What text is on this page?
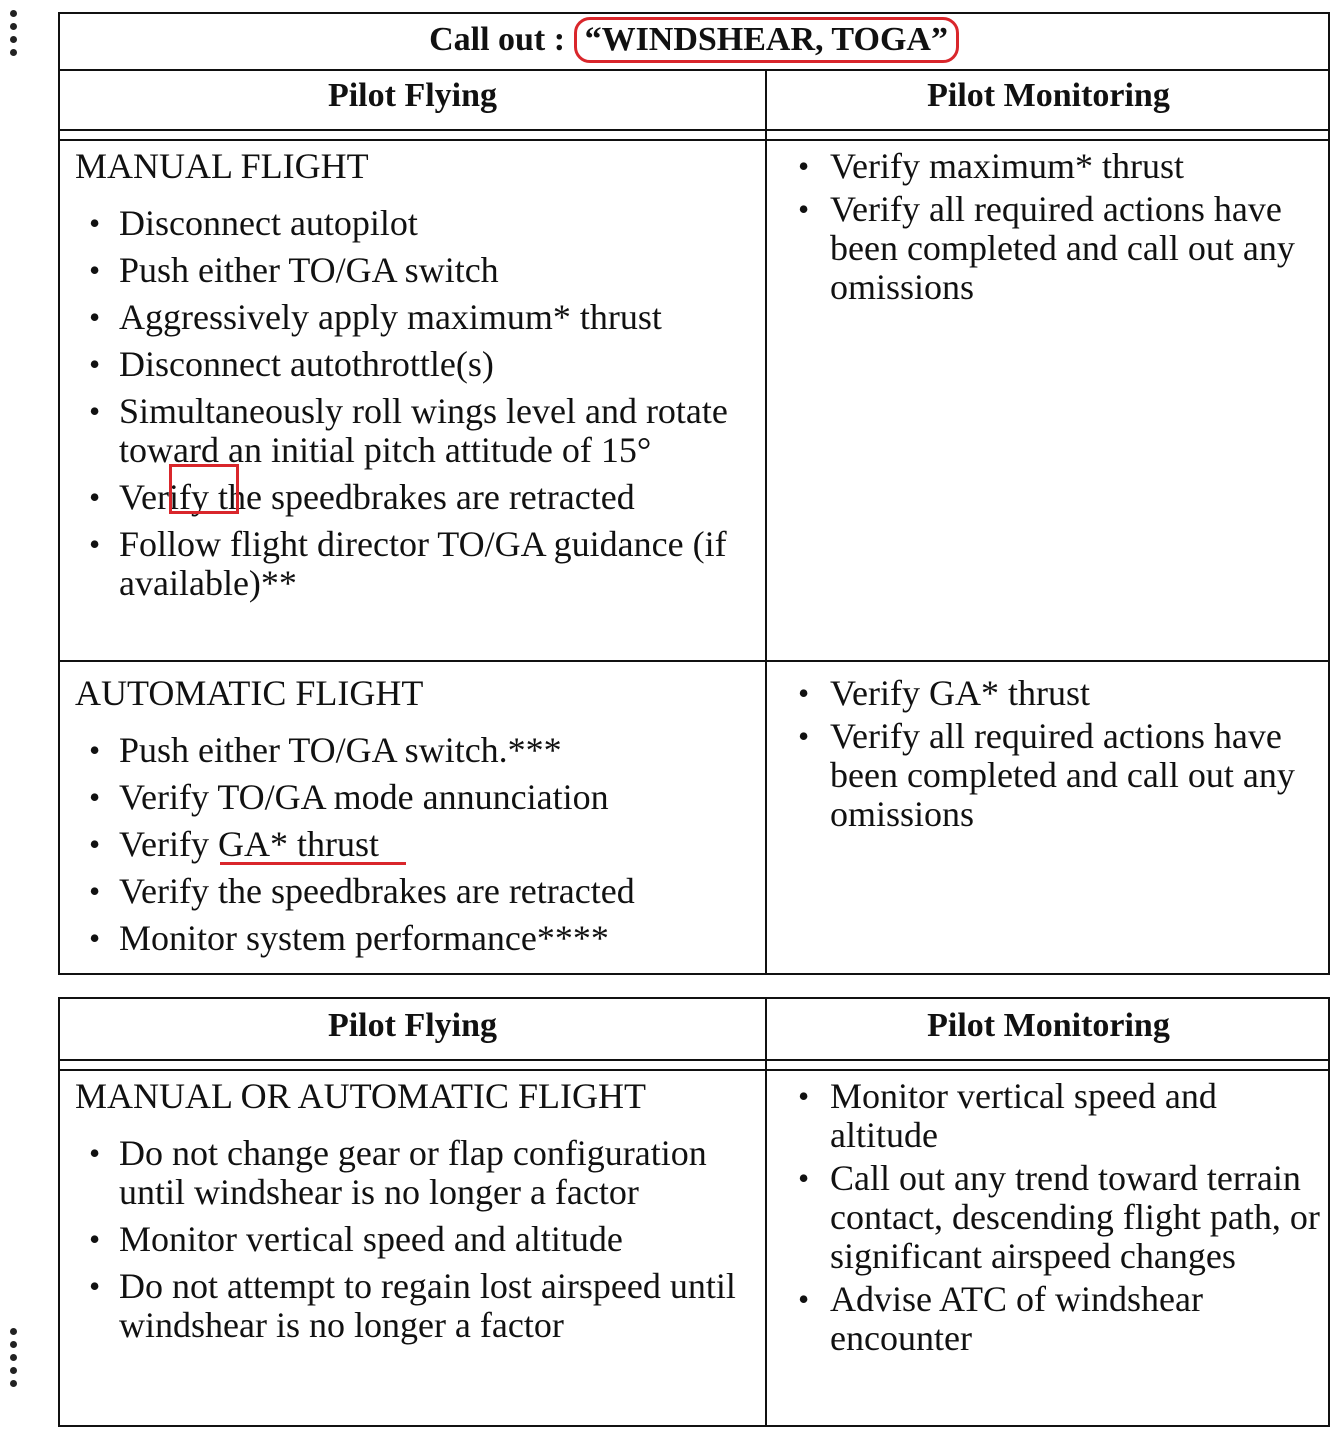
Call out : “WINDSHEAR, TOGA”
Pilot Flying	Pilot Monitoring
MANUAL FLIGHT
• Disconnect autopilot
• Push either TO/GA switch
• Aggressively apply maximum* thrust
• Disconnect autothrottle(s)
• Simultaneously roll wings level and rotate toward an initial pitch attitude of 15°
• Verify the speedbrakes are retracted
• Follow flight director TO/GA guidance (if available)**
• Verify maximum* thrust
• Verify all required actions have been completed and call out any omissions
AUTOMATIC FLIGHT
• Push either TO/GA switch.***
• Verify TO/GA mode annunciation
• Verify GA* thrust
• Verify the speedbrakes are retracted
• Monitor system performance****
• Verify GA* thrust
• Verify all required actions have been completed and call out any omissions
Pilot Flying	Pilot Monitoring
MANUAL OR AUTOMATIC FLIGHT
• Do not change gear or flap configuration until windshear is no longer a factor
• Monitor vertical speed and altitude
• Do not attempt to regain lost airspeed until windshear is no longer a factor
• Monitor vertical speed and altitude
• Call out any trend toward terrain contact, descending flight path, or significant airspeed changes
• Advise ATC of windshear encounter
